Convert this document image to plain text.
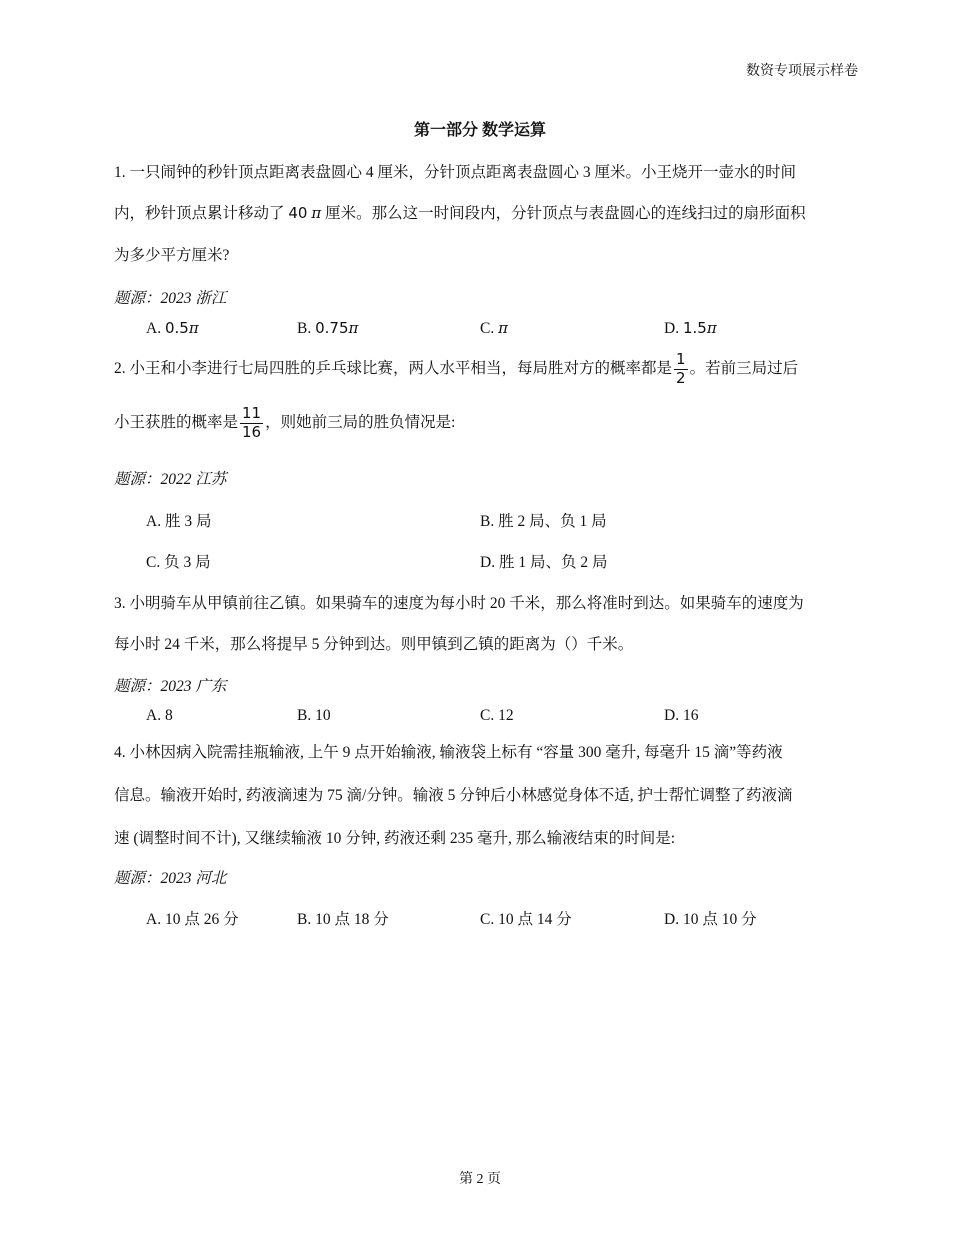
数资专项展示样卷
第一部分 数学运算
1. 一只闹钟的秒针顶点距离表盘圆心 4 厘米，分针顶点距离表盘圆心 3 厘米。小王烧开一壶水的时间
内，秒针顶点累计移动了 40 π 厘米。那么这一时间段内，分针顶点与表盘圆心的连线扫过的扇形面积
为多少平方厘米?
题源：2023 浙江
A. 0.5π	B. 0.75π	C. π	D. 1.5π
2. 小王和小李进行七局四胜的乒乓球比赛，两人水平相当，每局胜对方的概率都是 $\frac{1}{2}$ 。若前三局过后
小王获胜的概率是 $\frac{11}{16}$ ，则她前三局的胜负情况是:
题源：2022 江苏
A. 胜 3 局	B. 胜 2 局、负 1 局
C. 负 3 局	D. 胜 1 局、负 2 局
3. 小明骑车从甲镇前往乙镇。如果骑车的速度为每小时 20 千米，那么将准时到达。如果骑车的速度为
每小时 24 千米，那么将提早 5 分钟到达。则甲镇到乙镇的距离为（）千米。
题源：2023 广东
A. 8	B. 10	C. 12	D. 16
4. 小林因病入院需挂瓶输液, 上午 9 点开始输液, 输液袋上标有 “容量 300 毫升, 每毫升 15 滴”等药液
信息。输液开始时, 药液滴速为 75 滴/分钟。输液 5 分钟后小林感觉身体不适, 护士帮忙调整了药液滴
速 (调整时间不计), 又继续输液 10 分钟, 药液还剩 235 毫升, 那么输液结束的时间是:
题源：2023 河北
A. 10 点 26 分	B. 10 点 18 分	C. 10 点 14 分	D. 10 点 10 分
第 2 页
